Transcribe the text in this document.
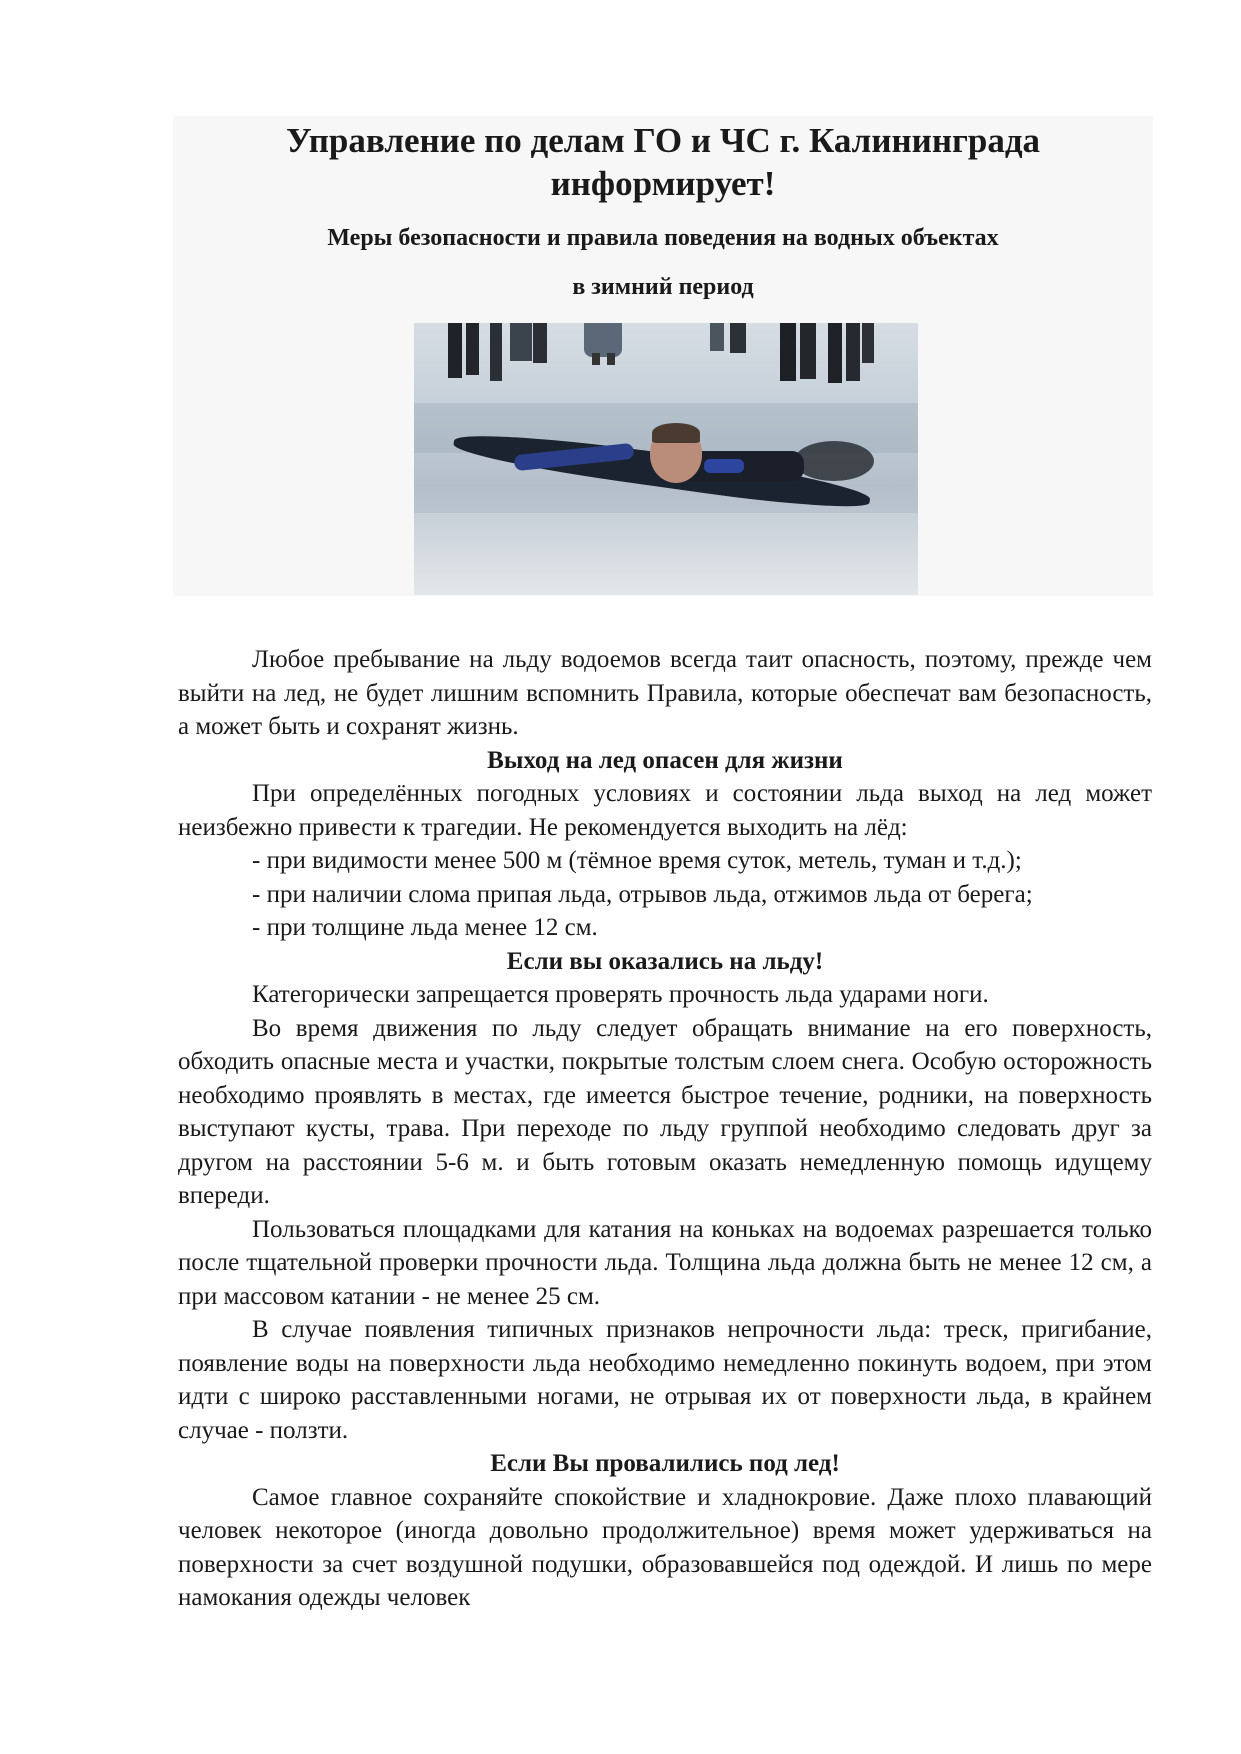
Управление по делам ГО и ЧС г. Калининграда информирует!

Меры безопасности и правила поведения на водных объектах

в зимний период

Любое пребывание на льду водоемов всегда таит опасность, поэтому, прежде чем выйти на лед, не будет лишним вспомнить Правила, которые обеспечат вам безопасность, а может быть и сохранят жизнь.

Выход на лед опасен для жизни

При определённых погодных условиях и состоянии льда выход на лед может неизбежно привести к трагедии. Не рекомендуется выходить на лёд:

- при видимости менее 500 м (тёмное время суток, метель, туман и т.д.);

- при наличии слома припая льда, отрывов льда, отжимов льда от берега;

- при толщине льда менее 12 см.

Если вы оказались на льду!

Категорически запрещается проверять прочность льда ударами ноги.

Во время движения по льду следует обращать внимание на его поверхность, обходить опасные места и участки, покрытые толстым слоем снега. Особую осторожность необходимо проявлять в местах, где имеется быстрое течение, родники, на поверхность выступают кусты, трава. При переходе по льду группой необходимо следовать друг за другом на расстоянии 5-6 м. и быть готовым оказать немедленную помощь идущему впереди.

Пользоваться площадками для катания на коньках на водоемах разрешается только после тщательной проверки прочности льда. Толщина льда должна быть не менее 12 см, а при массовом катании - не менее 25 см.

В случае появления типичных признаков непрочности льда: треск, пригибание, появление воды на поверхности льда необходимо немедленно покинуть водоем, при этом идти с широко расставленными ногами, не отрывая их от поверхности льда, в крайнем случае - ползти.

Если Вы провалились под лед!

Самое главное сохраняйте спокойствие и хладнокровие. Даже плохо плавающий человек некоторое (иногда довольно продолжительное) время может удерживаться на поверхности за счет воздушной подушки, образовавшейся под одеждой. И лишь по мере намокания одежды человек
